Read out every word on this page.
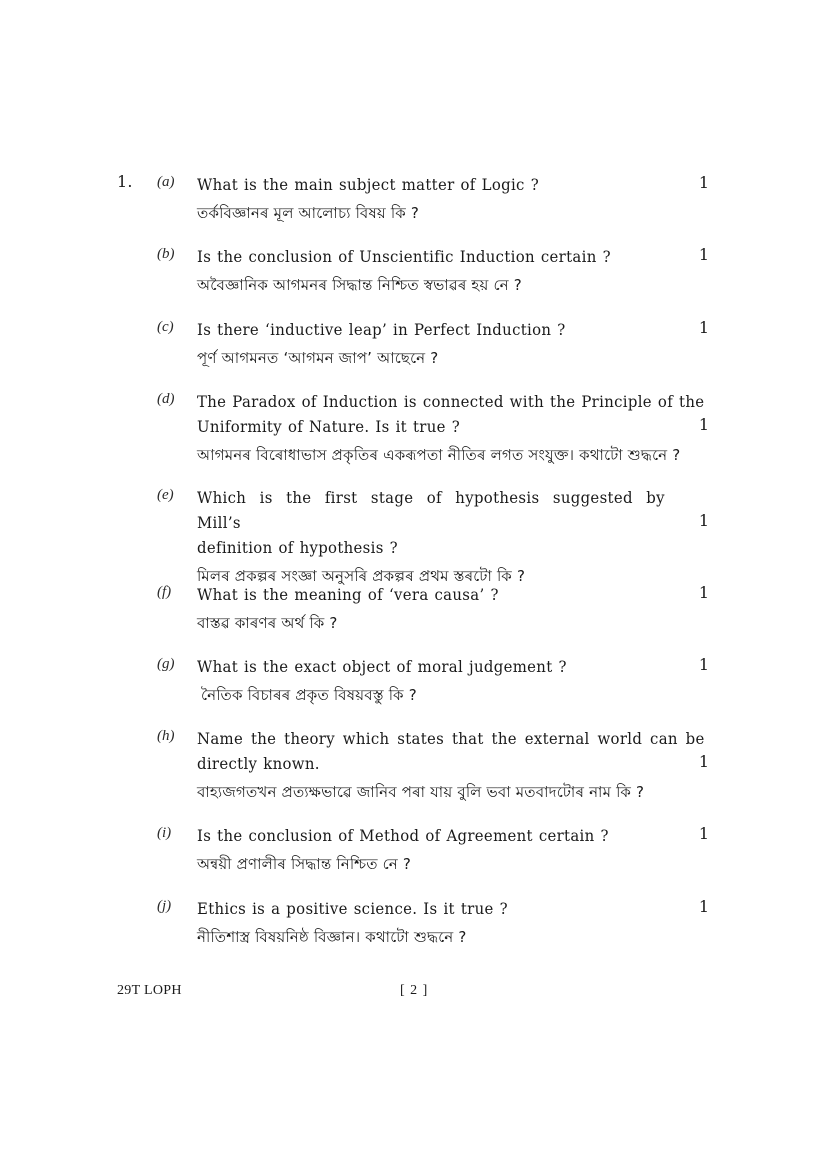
1. (a) What is the main subject matter of Logic ?
তৰ্কবিজ্ঞানৰ মূল আলোচ্য বিষয় কি ?
1
(b) Is the conclusion of Unscientific Induction certain ?
অবৈজ্ঞানিক আগমনৰ সিদ্ধান্ত নিশ্চিত স্বভাৱৰ হয় নে ?
1
(c) Is there ‘inductive leap’ in Perfect Induction ?
পূৰ্ণ আগমনত ‘আগমন জাপ’ আছেনে ?
1
(d) The Paradox of Induction is connected with the Principle of the
Uniformity of Nature. Is it true ?
আগমনৰ বিৰোধাভাস প্ৰকৃতিৰ একৰূপতা নীতিৰ লগত সংযুক্ত। কথাটো শুদ্ধনে ?
1
(e) Which is the first stage of hypothesis suggested by Mill’s
definition of hypothesis ?
মিলৰ প্ৰকল্পৰ সংজ্ঞা অনুসৰি প্ৰকল্পৰ প্ৰথম স্তৰটো কি ?
1
(f) What is the meaning of ‘vera causa’ ?
বাস্তৱ কাৰণৰ অৰ্থ কি ?
1
(g) What is the exact object of moral judgement ?
নৈতিক বিচাৰৰ প্ৰকৃত বিষয়বস্তু কি ?
1
(h) Name the theory which states that the external world can be
directly known.
বাহ্যজগতখন প্ৰত্যক্ষভাৱে জানিব পৰা যায় বুলি ভবা মতবাদটোৰ নাম কি ?
1
(i) Is the conclusion of Method of Agreement certain ?
অন্বয়ী প্ৰণালীৰ সিদ্ধান্ত নিশ্চিত নে ?
1
(j) Ethics is a positive science. Is it true ?
নীতিশাস্ত্ৰ বিষয়নিষ্ঠ বিজ্ঞান। কথাটো শুদ্ধনে ?
1
29T LOPH	[ 2 ]
